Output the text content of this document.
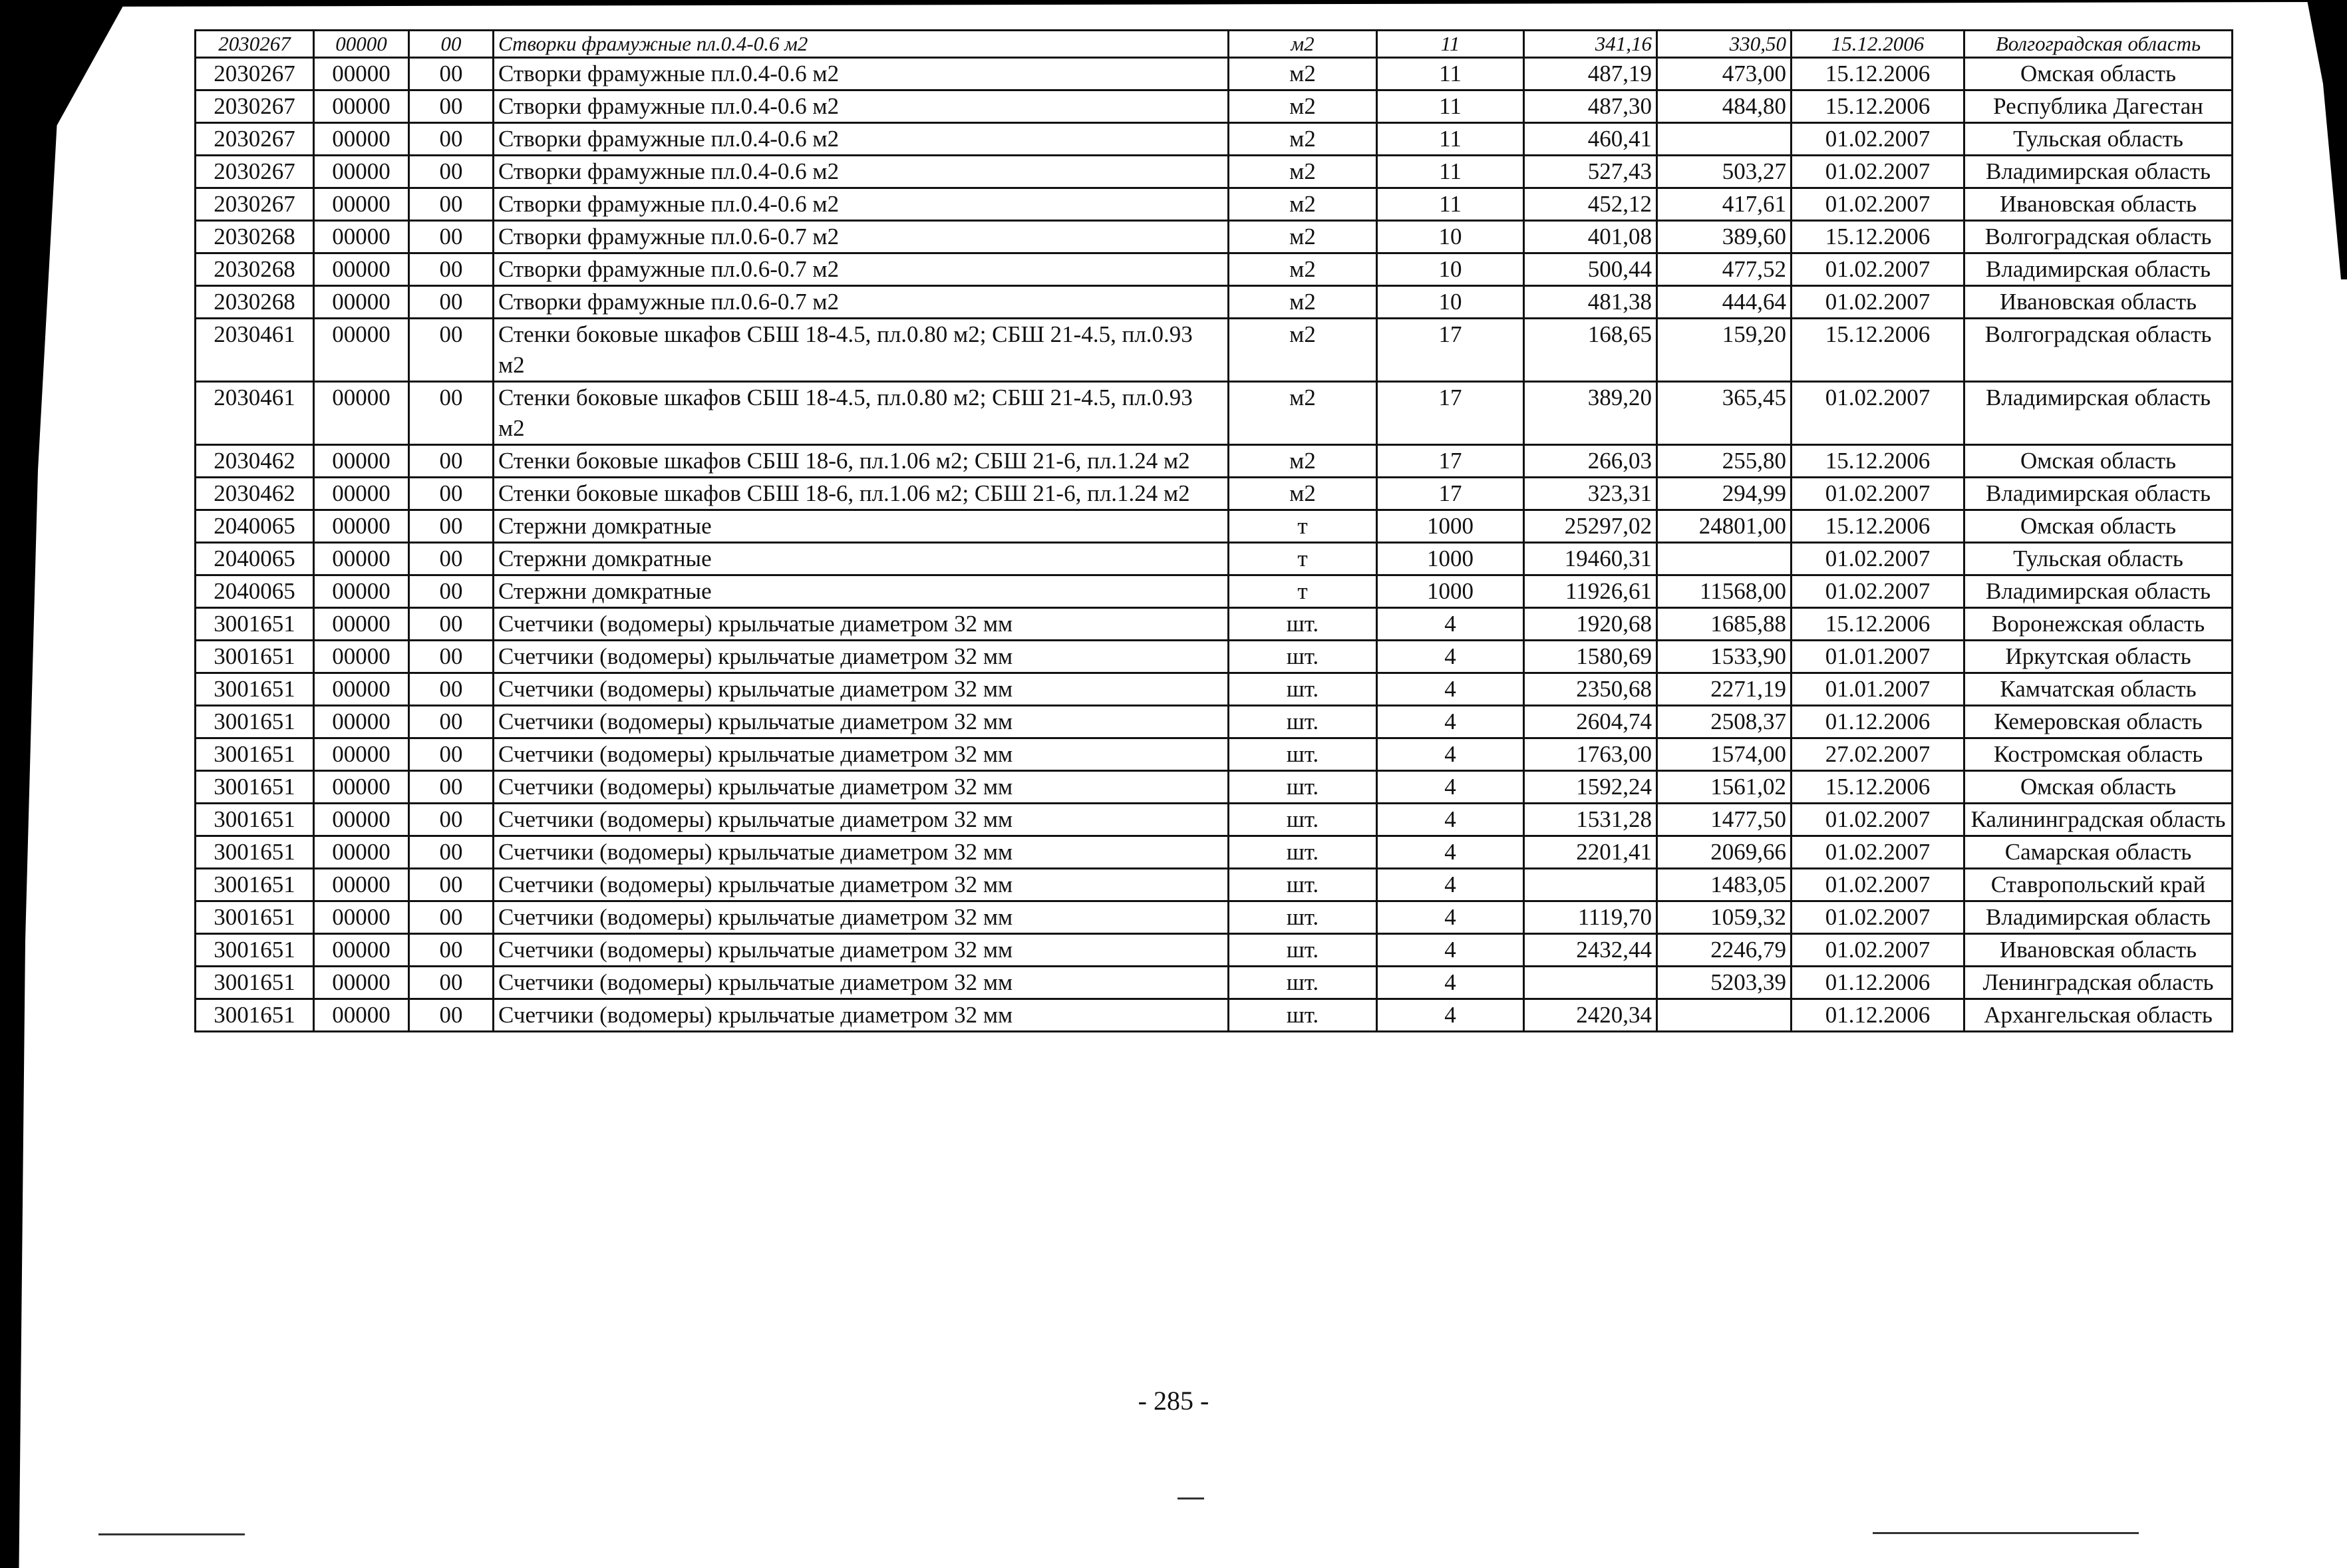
2030267	00000	00	Створки фрамужные пл.0.4-0.6 м2	м2	11	341,16	330,50	15.12.2006	Волгоградская область
2030267	00000	00	Створки фрамужные пл.0.4-0.6 м2	м2	11	487,19	473,00	15.12.2006	Омская область
2030267	00000	00	Створки фрамужные пл.0.4-0.6 м2	м2	11	487,30	484,80	15.12.2006	Республика Дагестан
2030267	00000	00	Створки фрамужные пл.0.4-0.6 м2	м2	11	460,41		01.02.2007	Тульская область
2030267	00000	00	Створки фрамужные пл.0.4-0.6 м2	м2	11	527,43	503,27	01.02.2007	Владимирская область
2030267	00000	00	Створки фрамужные пл.0.4-0.6 м2	м2	11	452,12	417,61	01.02.2007	Ивановская область
2030268	00000	00	Створки фрамужные пл.0.6-0.7 м2	м2	10	401,08	389,60	15.12.2006	Волгоградская область
2030268	00000	00	Створки фрамужные пл.0.6-0.7 м2	м2	10	500,44	477,52	01.02.2007	Владимирская область
2030268	00000	00	Створки фрамужные пл.0.6-0.7 м2	м2	10	481,38	444,64	01.02.2007	Ивановская область
2030461	00000	00	Стенки боковые шкафов СБШ 18-4.5, пл.0.80 м2; СБШ 21-4.5, пл.0.93 м2	м2	17	168,65	159,20	15.12.2006	Волгоградская область
2030461	00000	00	Стенки боковые шкафов СБШ 18-4.5, пл.0.80 м2; СБШ 21-4.5, пл.0.93 м2	м2	17	389,20	365,45	01.02.2007	Владимирская область
2030462	00000	00	Стенки боковые шкафов СБШ 18-6, пл.1.06 м2; СБШ 21-6, пл.1.24 м2	м2	17	266,03	255,80	15.12.2006	Омская область
2030462	00000	00	Стенки боковые шкафов СБШ 18-6, пл.1.06 м2; СБШ 21-6, пл.1.24 м2	м2	17	323,31	294,99	01.02.2007	Владимирская область
2040065	00000	00	Стержни домкратные	т	1000	25297,02	24801,00	15.12.2006	Омская область
2040065	00000	00	Стержни домкратные	т	1000	19460,31		01.02.2007	Тульская область
2040065	00000	00	Стержни домкратные	т	1000	11926,61	11568,00	01.02.2007	Владимирская область
3001651	00000	00	Счетчики (водомеры) крыльчатые диаметром 32 мм	шт.	4	1920,68	1685,88	15.12.2006	Воронежская область
3001651	00000	00	Счетчики (водомеры) крыльчатые диаметром 32 мм	шт.	4	1580,69	1533,90	01.01.2007	Иркутская область
3001651	00000	00	Счетчики (водомеры) крыльчатые диаметром 32 мм	шт.	4	2350,68	2271,19	01.01.2007	Камчатская область
3001651	00000	00	Счетчики (водомеры) крыльчатые диаметром 32 мм	шт.	4	2604,74	2508,37	01.12.2006	Кемеровская область
3001651	00000	00	Счетчики (водомеры) крыльчатые диаметром 32 мм	шт.	4	1763,00	1574,00	27.02.2007	Костромская область
3001651	00000	00	Счетчики (водомеры) крыльчатые диаметром 32 мм	шт.	4	1592,24	1561,02	15.12.2006	Омская область
3001651	00000	00	Счетчики (водомеры) крыльчатые диаметром 32 мм	шт.	4	1531,28	1477,50	01.02.2007	Калининградская область
3001651	00000	00	Счетчики (водомеры) крыльчатые диаметром 32 мм	шт.	4	2201,41	2069,66	01.02.2007	Самарская область
3001651	00000	00	Счетчики (водомеры) крыльчатые диаметром 32 мм	шт.	4		1483,05	01.02.2007	Ставропольский край
3001651	00000	00	Счетчики (водомеры) крыльчатые диаметром 32 мм	шт.	4	1119,70	1059,32	01.02.2007	Владимирская область
3001651	00000	00	Счетчики (водомеры) крыльчатые диаметром 32 мм	шт.	4	2432,44	2246,79	01.02.2007	Ивановская область
3001651	00000	00	Счетчики (водомеры) крыльчатые диаметром 32 мм	шт.	4		5203,39	01.12.2006	Ленинградская область
3001651	00000	00	Счетчики (водомеры) крыльчатые диаметром 32 мм	шт.	4	2420,34		01.12.2006	Архангельская область
- 285 -
